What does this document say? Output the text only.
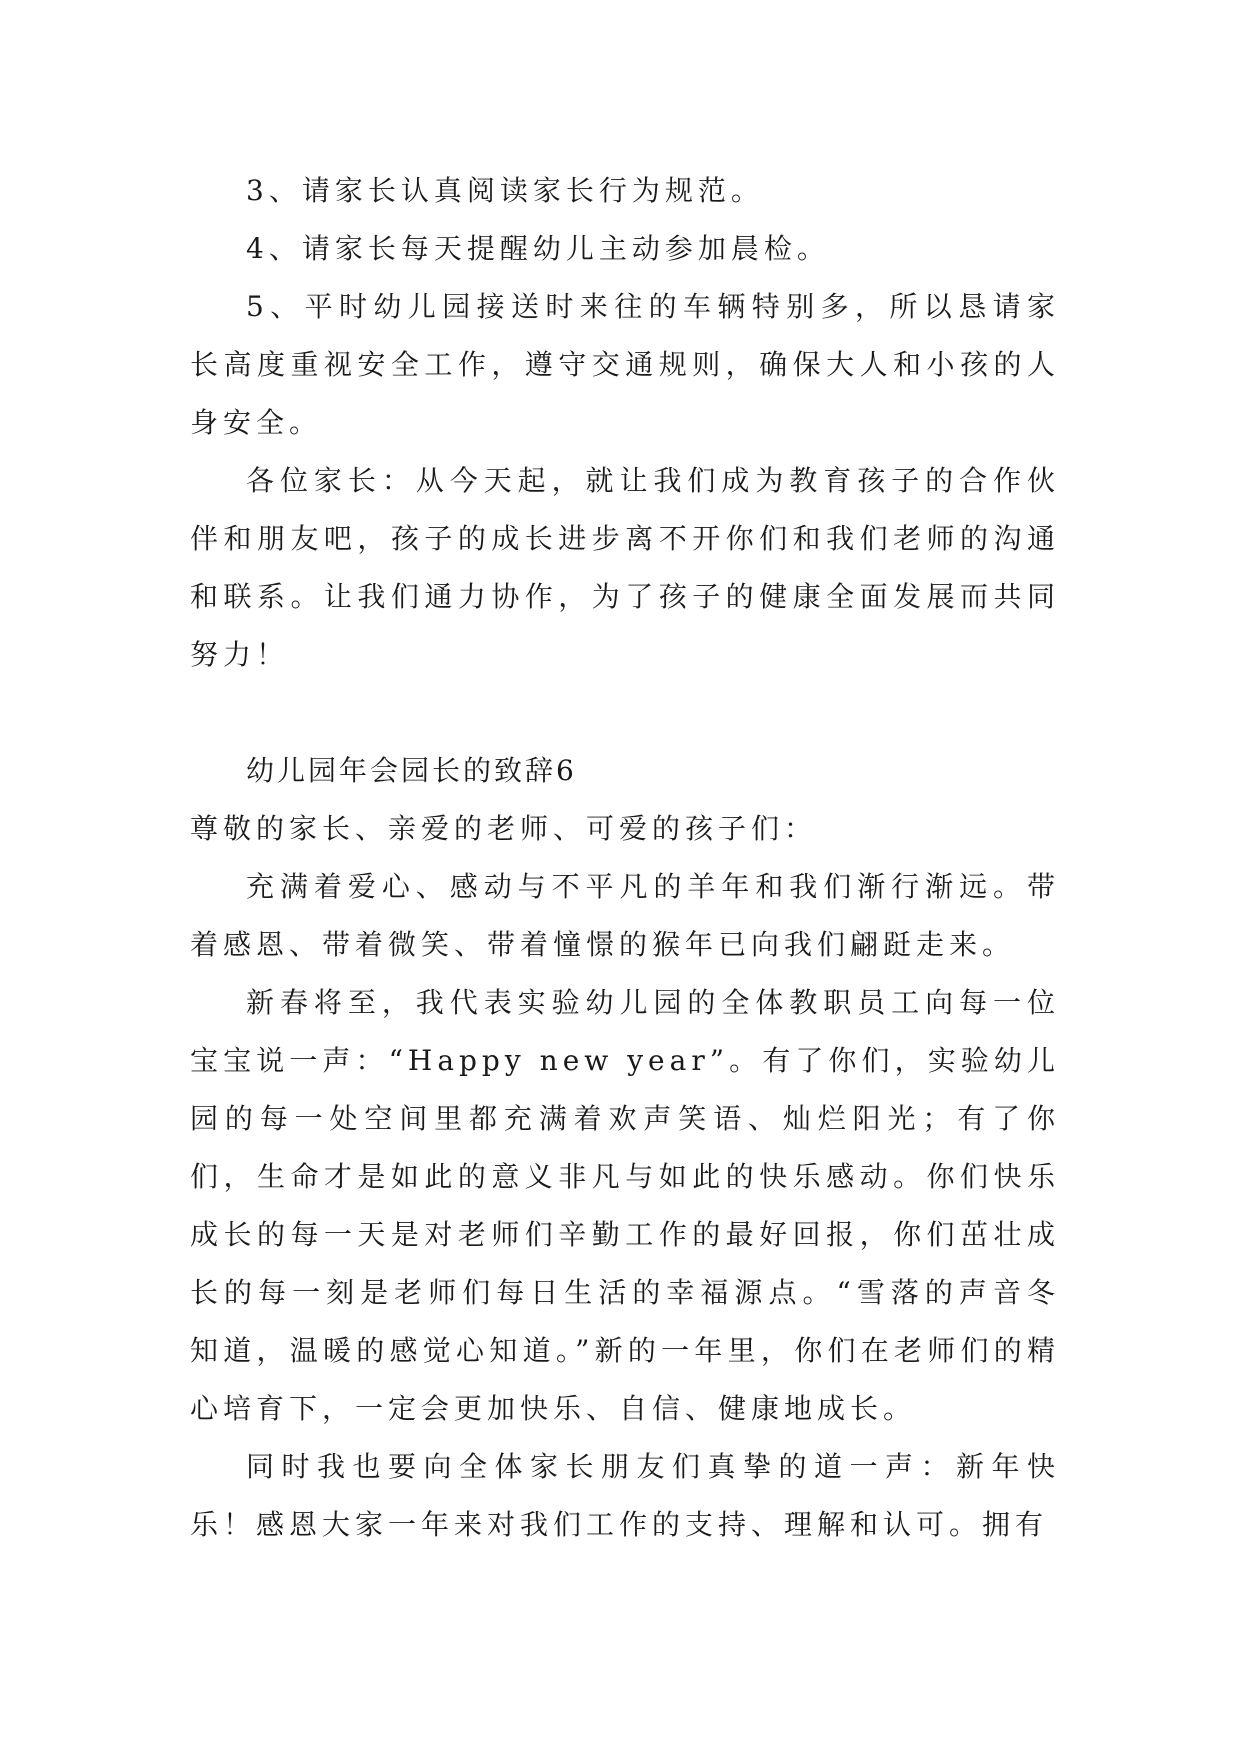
3、请家长认真阅读家长行为规范。

4、请家长每天提醒幼儿主动参加晨检。

5、平时幼儿园接送时来往的车辆特别多，所以恳请家长高度重视安全工作，遵守交通规则，确保大人和小孩的人身安全。

各位家长：从今天起，就让我们成为教育孩子的合作伙伴和朋友吧，孩子的成长进步离不开你们和我们老师的沟通和联系。让我们通力协作，为了孩子的健康全面发展而共同努力！

幼儿园年会园长的致辞6

尊敬的家长、亲爱的老师、可爱的孩子们：

充满着爱心、感动与不平凡的羊年和我们渐行渐远。带着感恩、带着微笑、带着憧憬的猴年已向我们翩跹走来。

新春将至，我代表实验幼儿园的全体教职员工向每一位宝宝说一声：“Happy new year”。有了你们，实验幼儿园的每一处空间里都充满着欢声笑语、灿烂阳光；有了你们，生命才是如此的意义非凡与如此的快乐感动。你们快乐成长的每一天是对老师们辛勤工作的最好回报，你们茁壮成长的每一刻是老师们每日生活的幸福源点。“雪落的声音冬知道，温暖的感觉心知道。”新的一年里，你们在老师们的精心培育下，一定会更加快乐、自信、健康地成长。

同时我也要向全体家长朋友们真挚的道一声：新年快乐！感恩大家一年来对我们工作的支持、理解和认可。拥有
